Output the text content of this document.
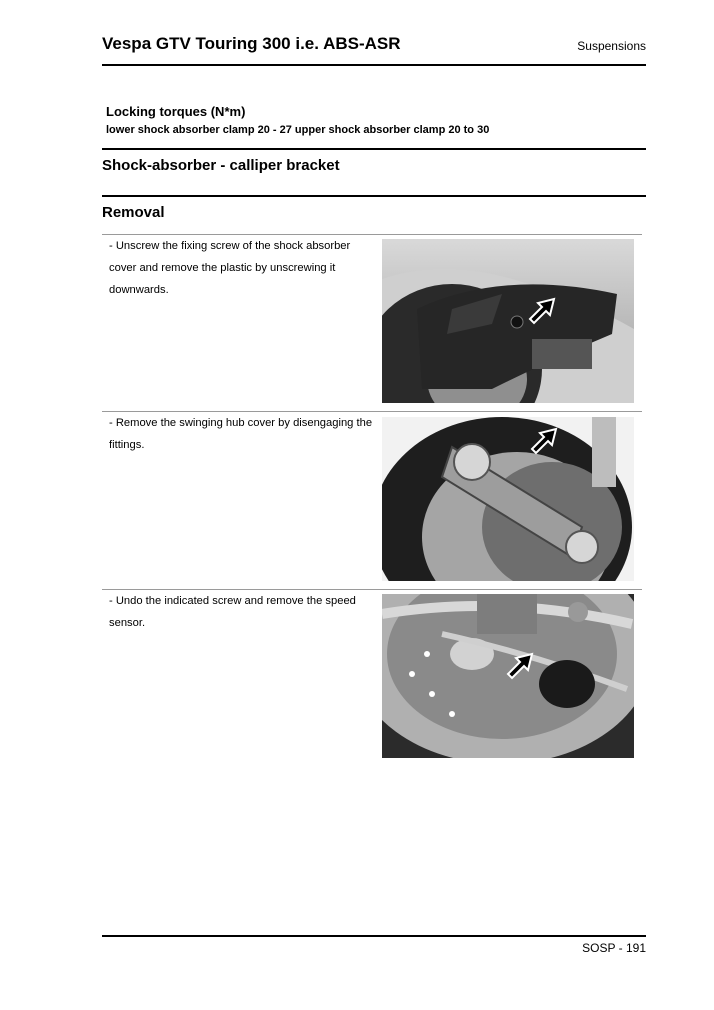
Vespa GTV Touring 300 i.e. ABS-ASR	Suspensions
Locking torques (N*m)
lower shock absorber clamp 20 - 27 upper shock absorber clamp 20 to 30
Shock-absorber - calliper bracket
Removal
- Unscrew the fixing screw of the shock absorber cover and remove the plastic by unscrewing it downwards.
- Remove the swinging hub cover by disengaging the fittings.
- Undo the indicated screw and remove the speed sensor.
SOSP - 191
